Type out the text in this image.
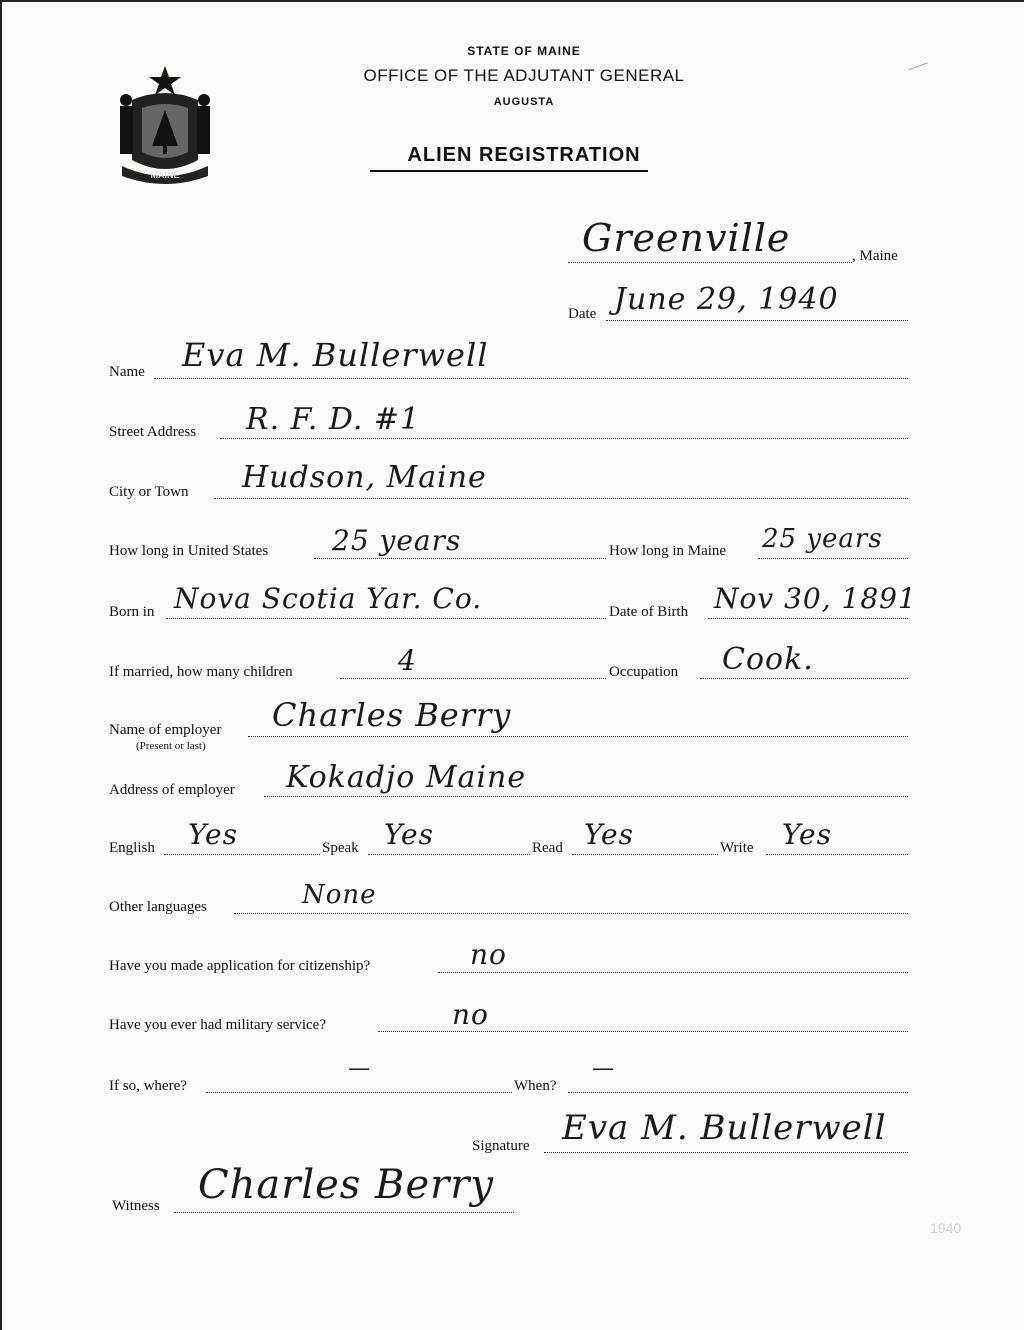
MAINE
STATE OF MAINE
OFFICE OF THE ADJUTANT GENERAL
AUGUSTA
ALIEN REGISTRATION
Greenville	, Maine
Date June 29, 1940
Name Eva M. Bullerwell
Street Address R. F. D. #1
City or Town Hudson, Maine
How long in United States 25 years	How long in Maine 25 years
Born in Nova Scotia Yar. Co.	Date of Birth Nov 30, 1891
If married, how many children	4	Occupation Cook.
Name of employer
(Present or last)
Charles Berry
Address of employer Kokadjo Maine
English Yes	Speak Yes	Read Yes	Write Yes
Other languages	None
Have you made application for citizenship?	no
Have you ever had military service?	no
If so, where?
—
When?
—
Signature Eva M. Bullerwell
Witness Charles Berry
1940
